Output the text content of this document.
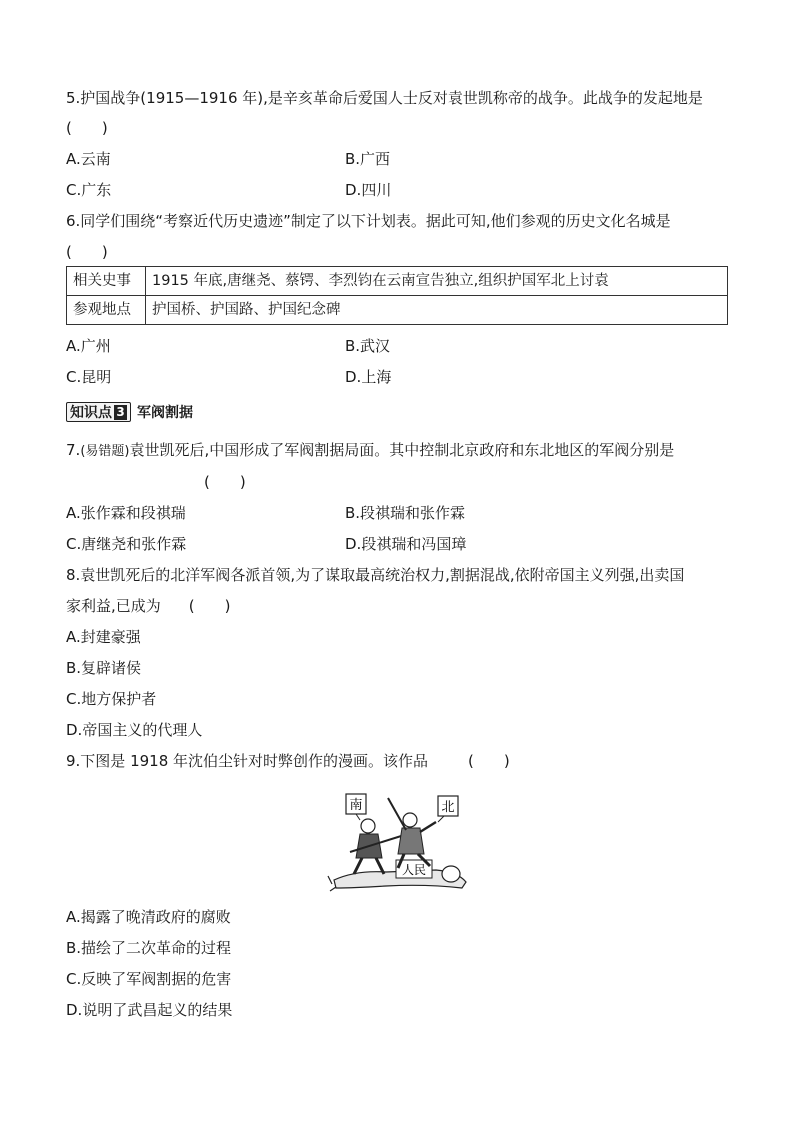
5.护国战争(1915—1916 年),是辛亥革命后爱国人士反对袁世凯称帝的战争。此战争的发起地是
(　　)
A.云南	B.广西
C.广东	D.四川
6.同学们围绕“考察近代历史遗迹”制定了以下计划表。据此可知,他们参观的历史文化名城是
(　　)
相关史事	1915 年底,唐继尧、蔡锷、李烈钧在云南宣告独立,组织护国军北上讨袁
参观地点	护国桥、护国路、护国纪念碑
A.广州	B.武汉
C.昆明	D.上海
知识点 3 军阀割据
7.(易错题)袁世凯死后,中国形成了军阀割据局面。其中控制北京政府和东北地区的军阀分别是
(　　)
A.张作霖和段祺瑞	B.段祺瑞和张作霖
C.唐继尧和张作霖	D.段祺瑞和冯国璋
8.袁世凯死后的北洋军阀各派首领,为了谋取最高统治权力,割据混战,依附帝国主义列强,出卖国
家利益,已成为 (　　)
A.封建豪强
B.复辟诸侯
C.地方保护者
D.帝国主义的代理人
9.下图是 1918 年沈伯尘针对时弊创作的漫画。该作品	(　　)
南	北
人民
A.揭露了晚清政府的腐败
B.描绘了二次革命的过程
C.反映了军阀割据的危害
D.说明了武昌起义的结果
